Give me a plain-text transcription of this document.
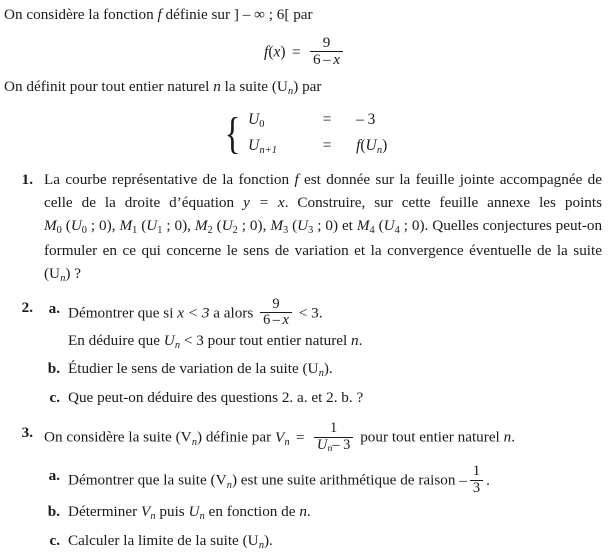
On considère la fonction f définie sur ] – ∞ ; 6[ par

$f(x) = \frac{9}{6 - x}$

On définit pour tout entier naturel n la suite $(U_n)$ par

{ U0	=	– 3
$U_{n+1}$	=	$f(U_n)$
1. La courbe représentative de la fonction f est donnée sur la feuille jointe accompagnée de celle de la droite d’équation y = x. Construire, sur cette feuille annexe les points M0 (U0 ; 0), M1 (U1 ; 0), M2 (U2 ; 0), M3 (U3 ; 0) et M4 (U4 ; 0). Quelles conjectures peut-on formuler en ce qui concerne le sens de variation et la convergence éventuelle de la suite $(U_n)$ ?

2.	a. Démontrer que si x < 3 a alors $\frac{9}{6 - x} < 3$.

En déduire que $U_n < 3$ pour tout entier naturel n.

b. Étudier le sens de variation de la suite $(U_n)$.

c. Que peut-on déduire des questions 2. a. et 2. b. ?

3. On considère la suite $(V_n)$ définie par $V_n = \frac{1}{U_n- 3}$ pour tout entier naturel n.

a. Démontrer que la suite $(V_n)$ est une suite arithmétique de raison – $\frac{1}{3}$ .

b. Déterminer $V_n$ puis $U_n$ en fonction de n.

c. Calculer la limite de la suite $(U_n)$.
